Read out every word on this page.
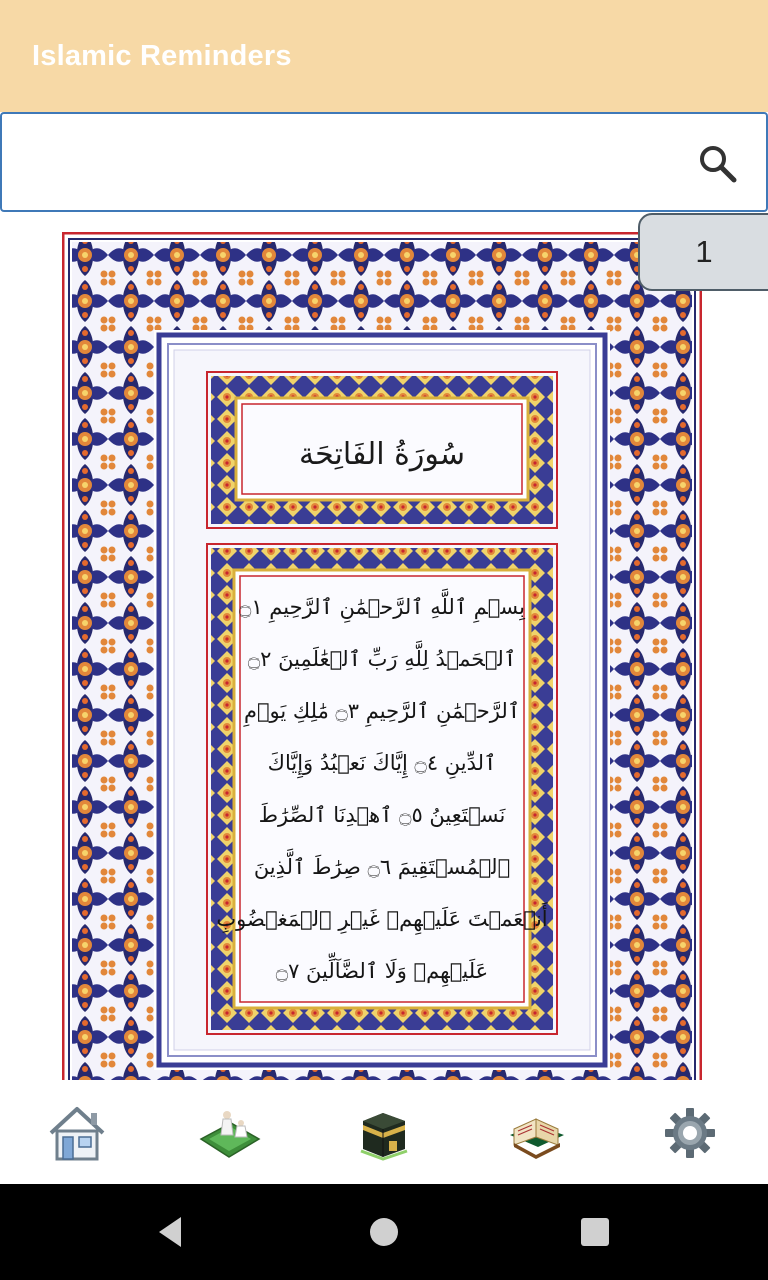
Islamic Reminders
سُورَةُ الفَاتِحَة
بِسۡمِ ٱللَّهِ ٱلرَّحۡمَٰنِ ٱلرَّحِيمِ ۝١
ٱلۡحَمۡدُ لِلَّهِ رَبِّ ٱلۡعَٰلَمِينَ ۝٢
ٱلرَّحۡمَٰنِ ٱلرَّحِيمِ ۝٣ مَٰلِكِ يَوۡمِ
ٱلدِّينِ ۝٤ إِيَّاكَ نَعۡبُدُ وَإِيَّاكَ
نَسۡتَعِينُ ۝٥ ٱهۡدِنَا ٱلصِّرَٰطَ
ٱلۡمُسۡتَقِيمَ ۝٦ صِرَٰطَ ٱلَّذِينَ
أَنۡعَمۡتَ عَلَيۡهِمۡ غَيۡرِ ٱلۡمَغۡضُوبِ
عَلَيۡهِمۡ وَلَا ٱلضَّآلِّينَ ۝٧
1
